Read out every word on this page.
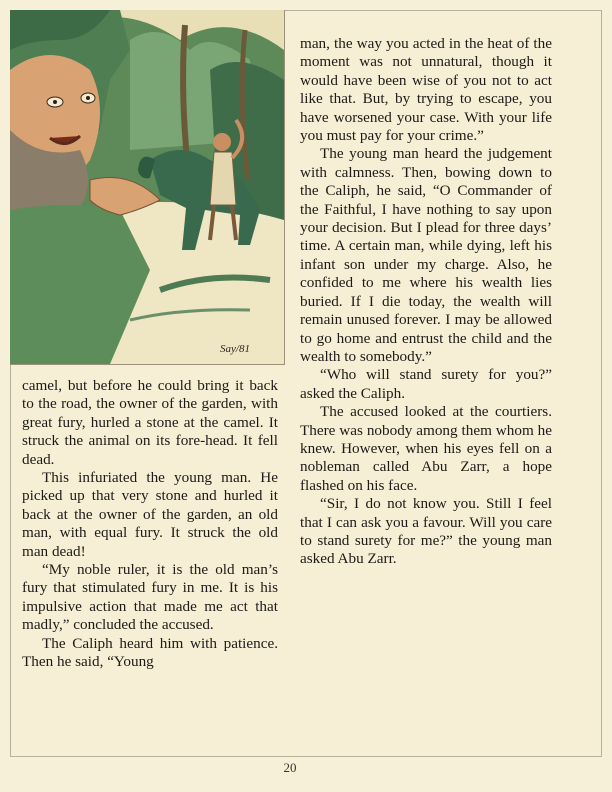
Say/81

camel, but before he could bring it back to the road, the owner of the garden, with great fury, hurled a stone at the camel. It struck the animal on its fore-head. It fell dead.

This infuriated the young man. He picked up that very stone and hurled it back at the owner of the garden, an old man, with equal fury. It struck the old man dead!

“My noble ruler, it is the old man’s fury that stimulated fury in me. It is his impulsive action that made me act that madly,” concluded the accused.

The Caliph heard him with patience. Then he said, “Young

man, the way you acted in the heat of the moment was not unnatural, though it would have been wise of you not to act like that. But, by trying to escape, you have worsened your case. With your life you must pay for your crime.”

The young man heard the judgement with calmness. Then, bowing down to the Caliph, he said, “O Commander of the Faithful, I have nothing to say upon your decision. But I plead for three days’ time. A certain man, while dying, left his infant son under my charge. Also, he confided to me where his wealth lies buried. If I die today, the wealth will remain unused forever. I may be allowed to go home and entrust the child and the wealth to somebody.”

“Who will stand surety for you?” asked the Caliph.

The accused looked at the courtiers. There was nobody among them whom he knew. However, when his eyes fell on a nobleman called Abu Zarr, a hope flashed on his face.

“Sir, I do not know you. Still I feel that I can ask you a favour. Will you care to stand surety for me?” the young man asked Abu Zarr.

20
